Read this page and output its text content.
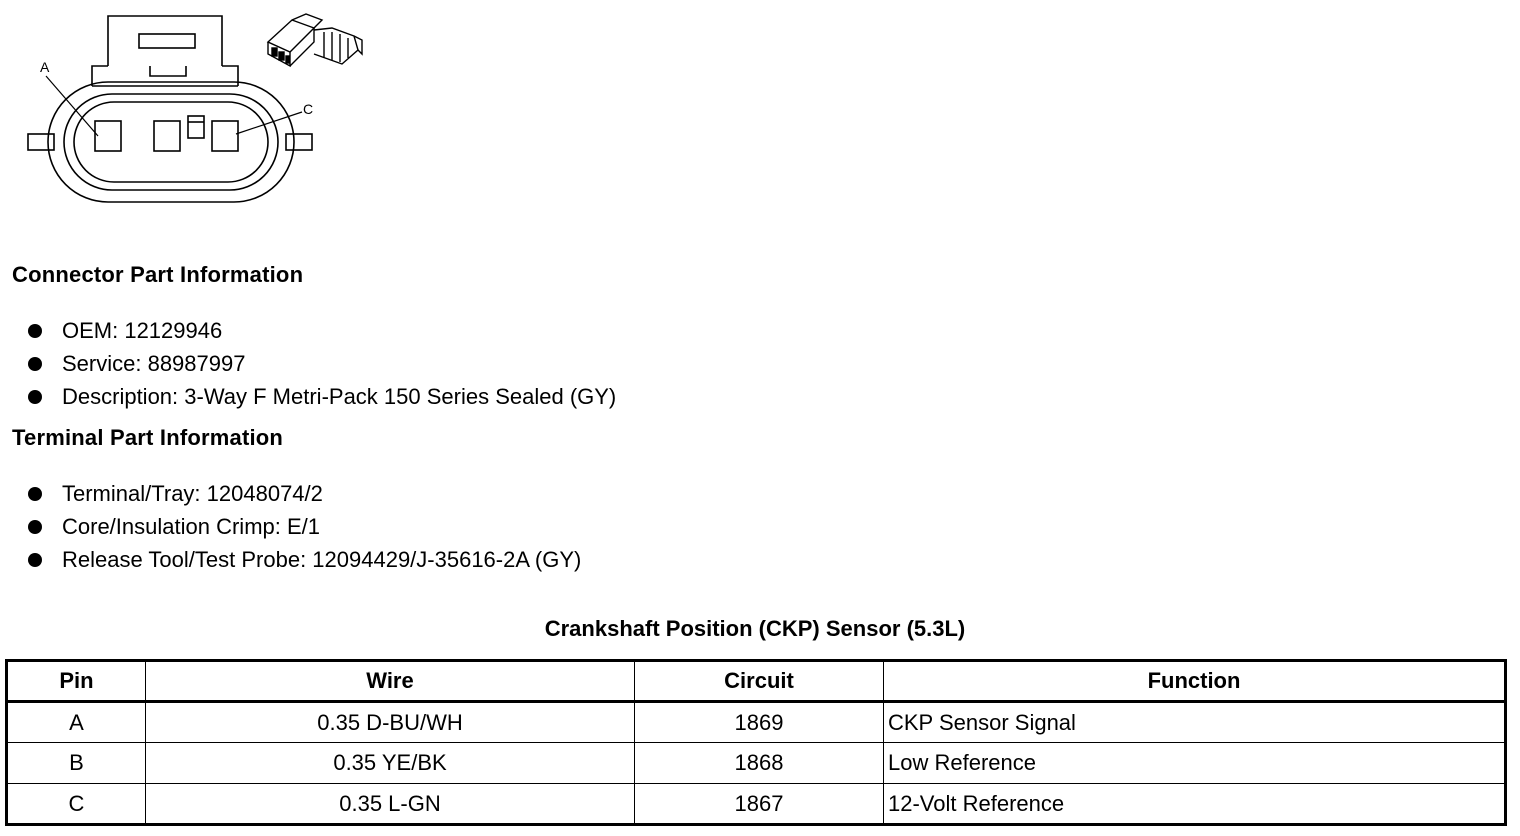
A
C
Connector Part Information
OEM: 12129946
Service: 88987997
Description: 3-Way F Metri-Pack 150 Series Sealed (GY)
Terminal Part Information
Terminal/Tray: 12048074/2
Core/Insulation Crimp: E/1
Release Tool/Test Probe: 12094429/J-35616-2A (GY)
Crankshaft Position (CKP) Sensor (5.3L)
Pin	Wire	Circuit	Function
A	0.35 D-BU/WH	1869	CKP Sensor Signal
B	0.35 YE/BK	1868	Low Reference
C	0.35 L-GN	1867	12-Volt Reference
